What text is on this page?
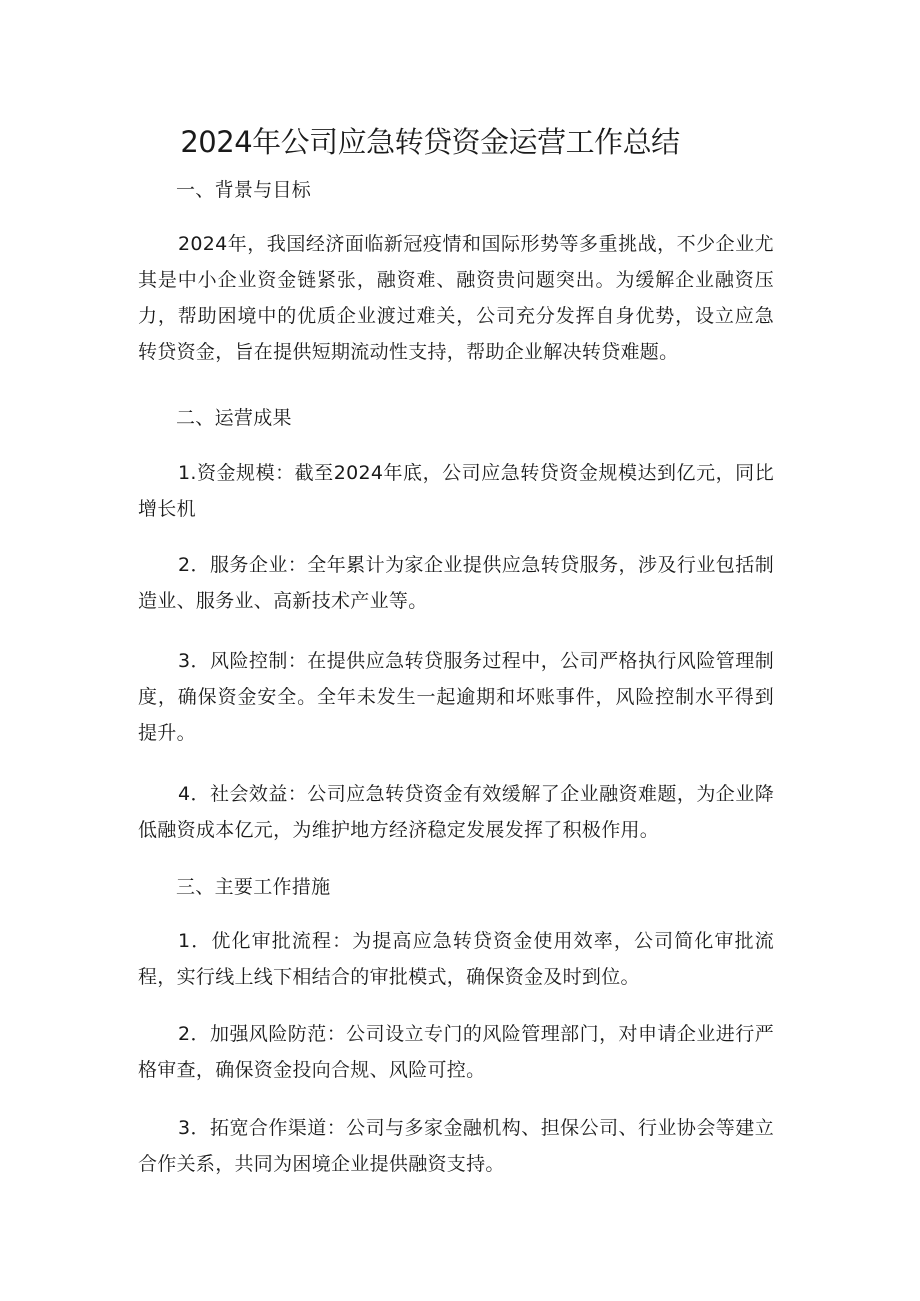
2024年公司应急转贷资金运营工作总结

一、背景与目标

2024年，我国经济面临新冠疫情和国际形势等多重挑战，不少企业尤其是中小企业资金链紧张，融资难、融资贵问题突出。为缓解企业融资压力，帮助困境中的优质企业渡过难关，公司充分发挥自身优势，设立应急转贷资金，旨在提供短期流动性支持，帮助企业解决转贷难题。

二、运营成果

1.资金规模：截至2024年底，公司应急转贷资金规模达到亿元，同比增长机

2．服务企业：全年累计为家企业提供应急转贷服务，涉及行业包括制造业、服务业、高新技术产业等。

3．风险控制：在提供应急转贷服务过程中，公司严格执行风险管理制度，确保资金安全。全年未发生一起逾期和坏账事件，风险控制水平得到提升。

4．社会效益：公司应急转贷资金有效缓解了企业融资难题，为企业降低融资成本亿元，为维护地方经济稳定发展发挥了积极作用。

三、主要工作措施

1．优化审批流程：为提高应急转贷资金使用效率，公司简化审批流程，实行线上线下相结合的审批模式，确保资金及时到位。

2．加强风险防范：公司设立专门的风险管理部门，对申请企业进行严格审查，确保资金投向合规、风险可控。

3．拓宽合作渠道：公司与多家金融机构、担保公司、行业协会等建立合作关系，共同为困境企业提供融资支持。
